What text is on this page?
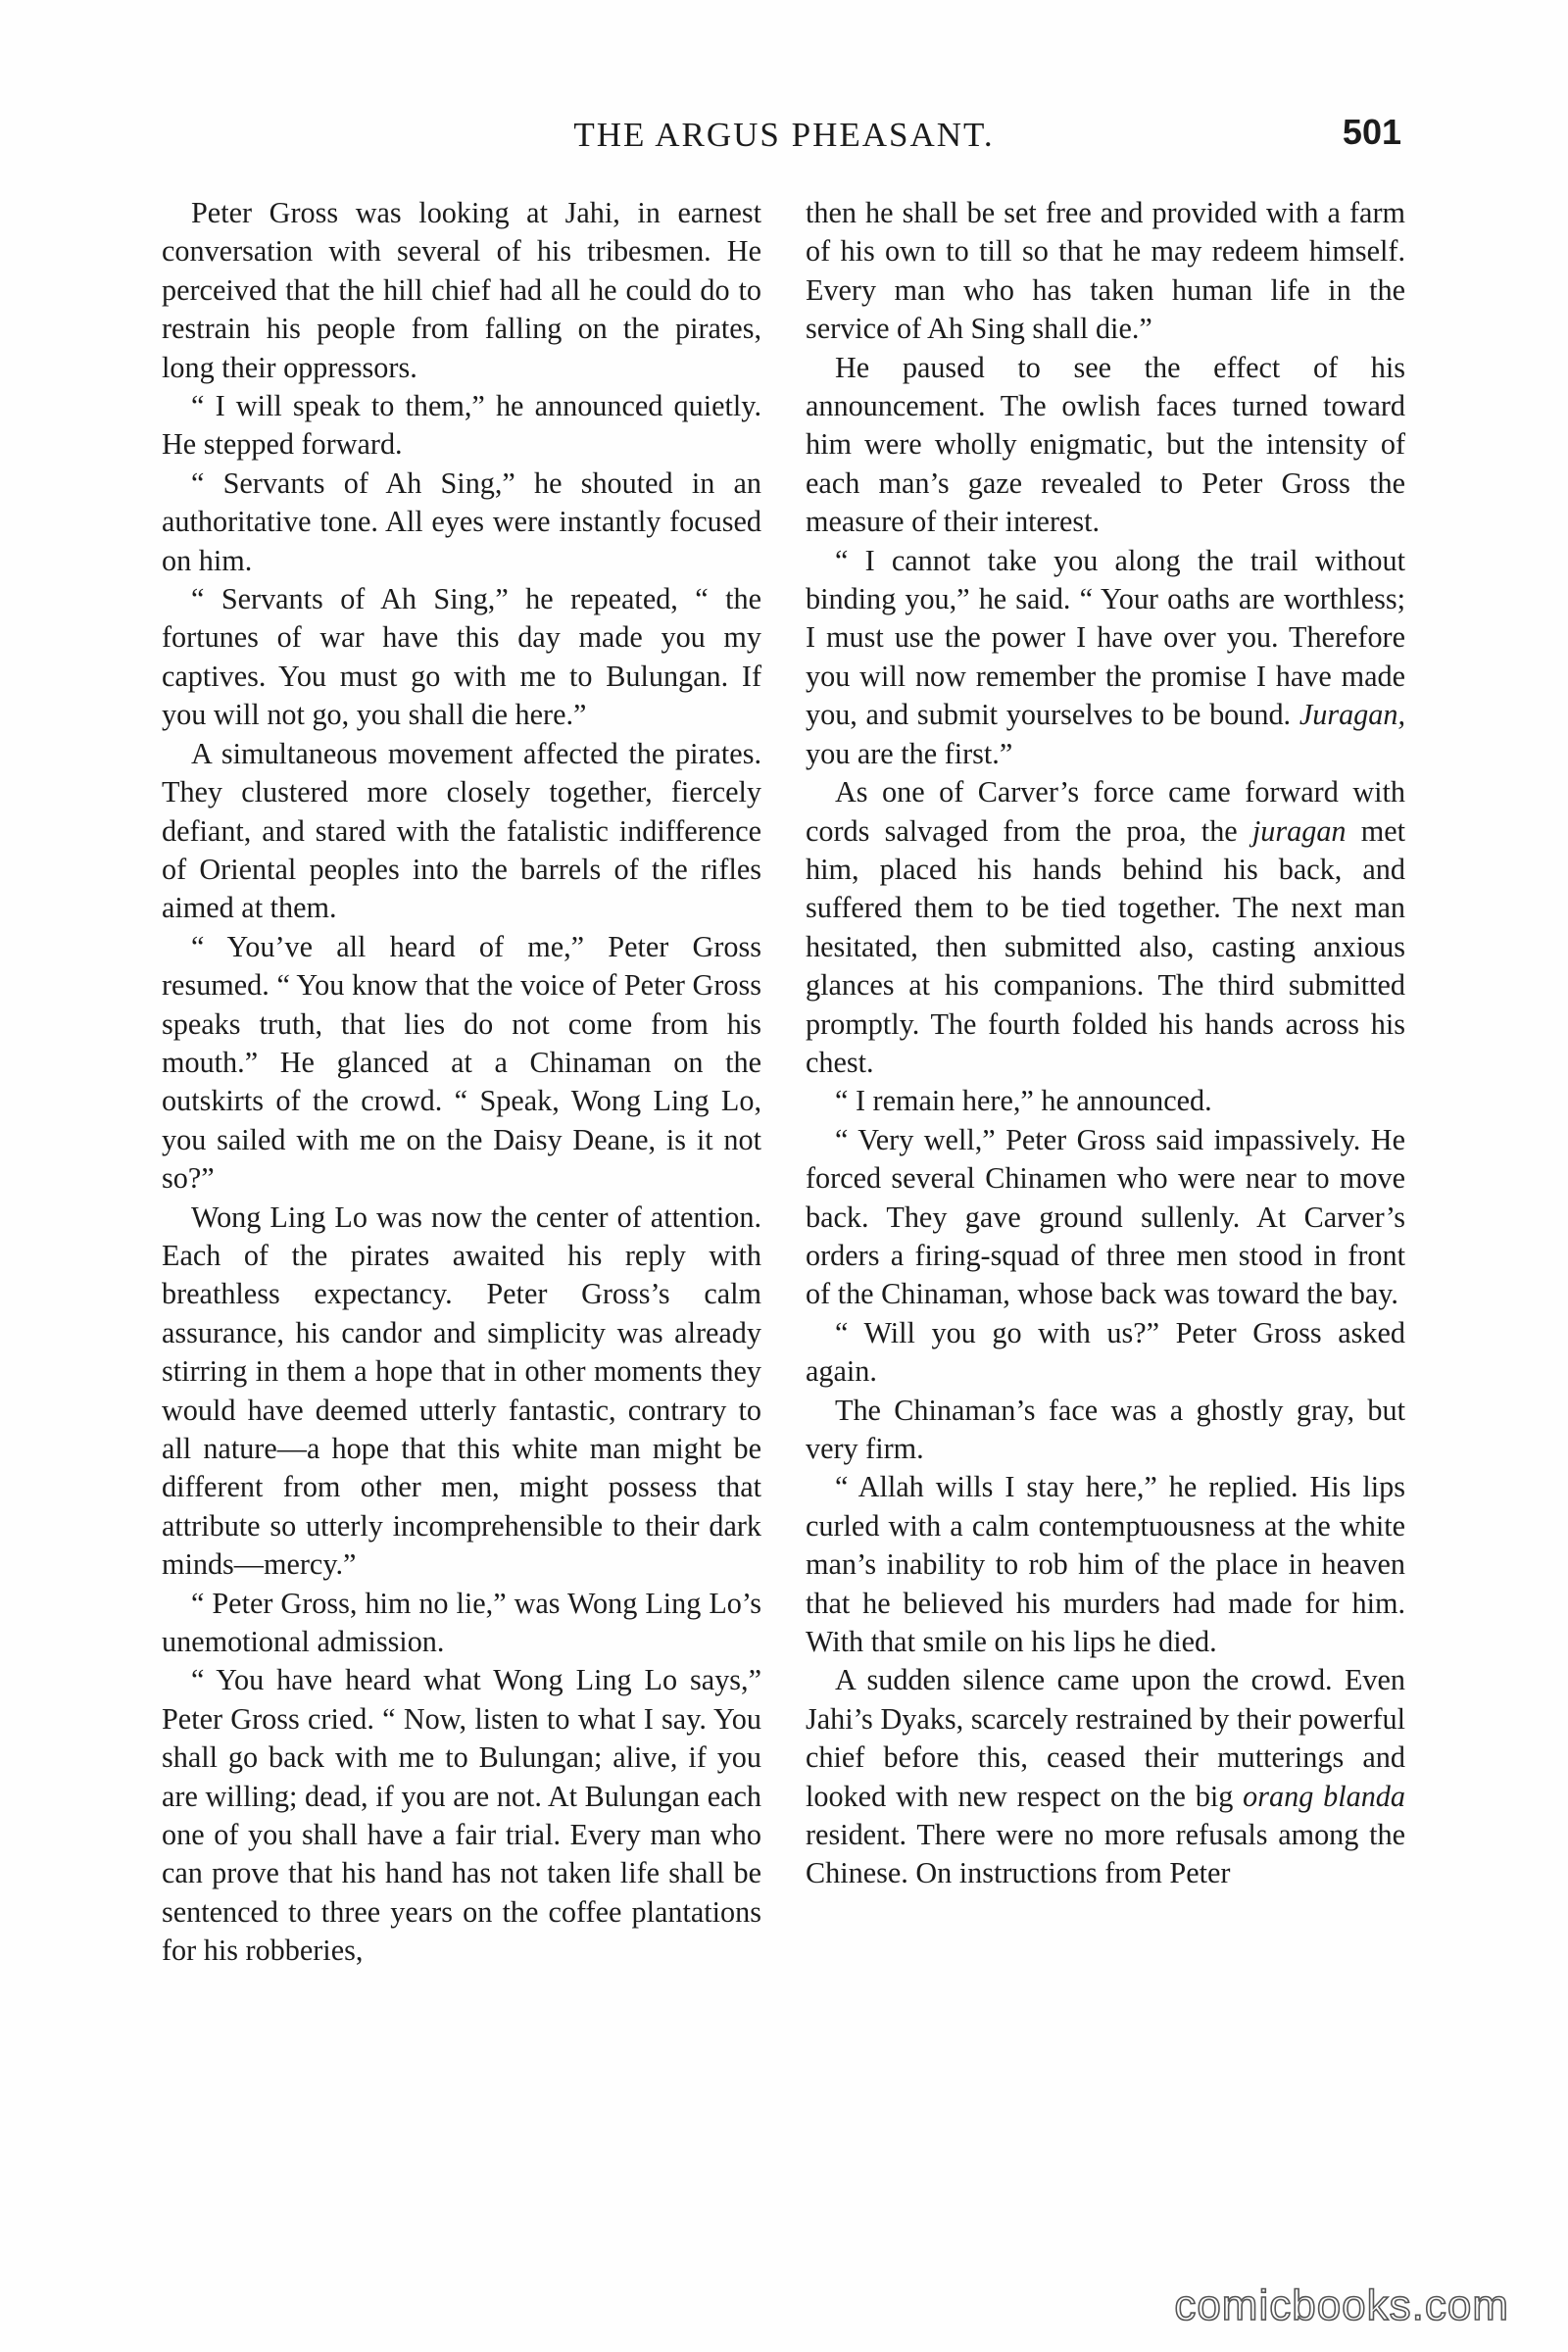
THE ARGUS PHEASANT.	501

Peter Gross was looking at Jahi, in earnest conversation with several of his tribesmen. He perceived that the hill chief had all he could do to restrain his people from falling on the pirates, long their oppressors.

“ I will speak to them,” he announced quietly. He stepped forward.

“ Servants of Ah Sing,” he shouted in an authoritative tone. All eyes were instantly focused on him.

“ Servants of Ah Sing,” he repeated, “ the fortunes of war have this day made you my captives. You must go with me to Bulungan. If you will not go, you shall die here.”

A simultaneous movement affected the pirates. They clustered more closely together, fiercely defiant, and stared with the fatalistic indifference of Oriental peoples into the barrels of the rifles aimed at them.

“ You’ve all heard of me,” Peter Gross resumed. “ You know that the voice of Peter Gross speaks truth, that lies do not come from his mouth.” He glanced at a Chinaman on the outskirts of the crowd. “ Speak, Wong Ling Lo, you sailed with me on the Daisy Deane, is it not so?”

Wong Ling Lo was now the center of attention. Each of the pirates awaited his reply with breathless expectancy. Peter Gross’s calm assurance, his candor and simplicity was already stirring in them a hope that in other moments they would have deemed utterly fantastic, contrary to all nature—a hope that this white man might be different from other men, might possess that attribute so utterly incomprehensible to their dark minds—mercy.”

“ Peter Gross, him no lie,” was Wong Ling Lo’s unemotional admission.

“ You have heard what Wong Ling Lo says,” Peter Gross cried. “ Now, listen to what I say. You shall go back with me to Bulungan; alive, if you are willing; dead, if you are not. At Bulungan each one of you shall have a fair trial. Every man who can prove that his hand has not taken life shall be sentenced to three years on the coffee plantations for his robberies,

then he shall be set free and provided with a farm of his own to till so that he may redeem himself. Every man who has taken human life in the service of Ah Sing shall die.”

He paused to see the effect of his announcement. The owlish faces turned toward him were wholly enigmatic, but the intensity of each man’s gaze revealed to Peter Gross the measure of their interest.

“ I cannot take you along the trail without binding you,” he said. “ Your oaths are worthless; I must use the power I have over you. Therefore you will now remember the promise I have made you, and submit yourselves to be bound. Juragan, you are the first.”

As one of Carver’s force came forward with cords salvaged from the proa, the juragan met him, placed his hands behind his back, and suffered them to be tied together. The next man hesitated, then submitted also, casting anxious glances at his companions. The third submitted promptly. The fourth folded his hands across his chest.

“ I remain here,” he announced.

“ Very well,” Peter Gross said impassively. He forced several Chinamen who were near to move back. They gave ground sullenly. At Carver’s orders a firing-squad of three men stood in front of the Chinaman, whose back was toward the bay.

“ Will you go with us?” Peter Gross asked again.

The Chinaman’s face was a ghostly gray, but very firm.

“ Allah wills I stay here,” he replied. His lips curled with a calm contemptuousness at the white man’s inability to rob him of the place in heaven that he believed his murders had made for him. With that smile on his lips he died.

A sudden silence came upon the crowd. Even Jahi’s Dyaks, scarcely restrained by their powerful chief before this, ceased their mutterings and looked with new respect on the big orang blanda resident. There were no more refusals among the Chinese. On instructions from Peter

comicbooks.com
